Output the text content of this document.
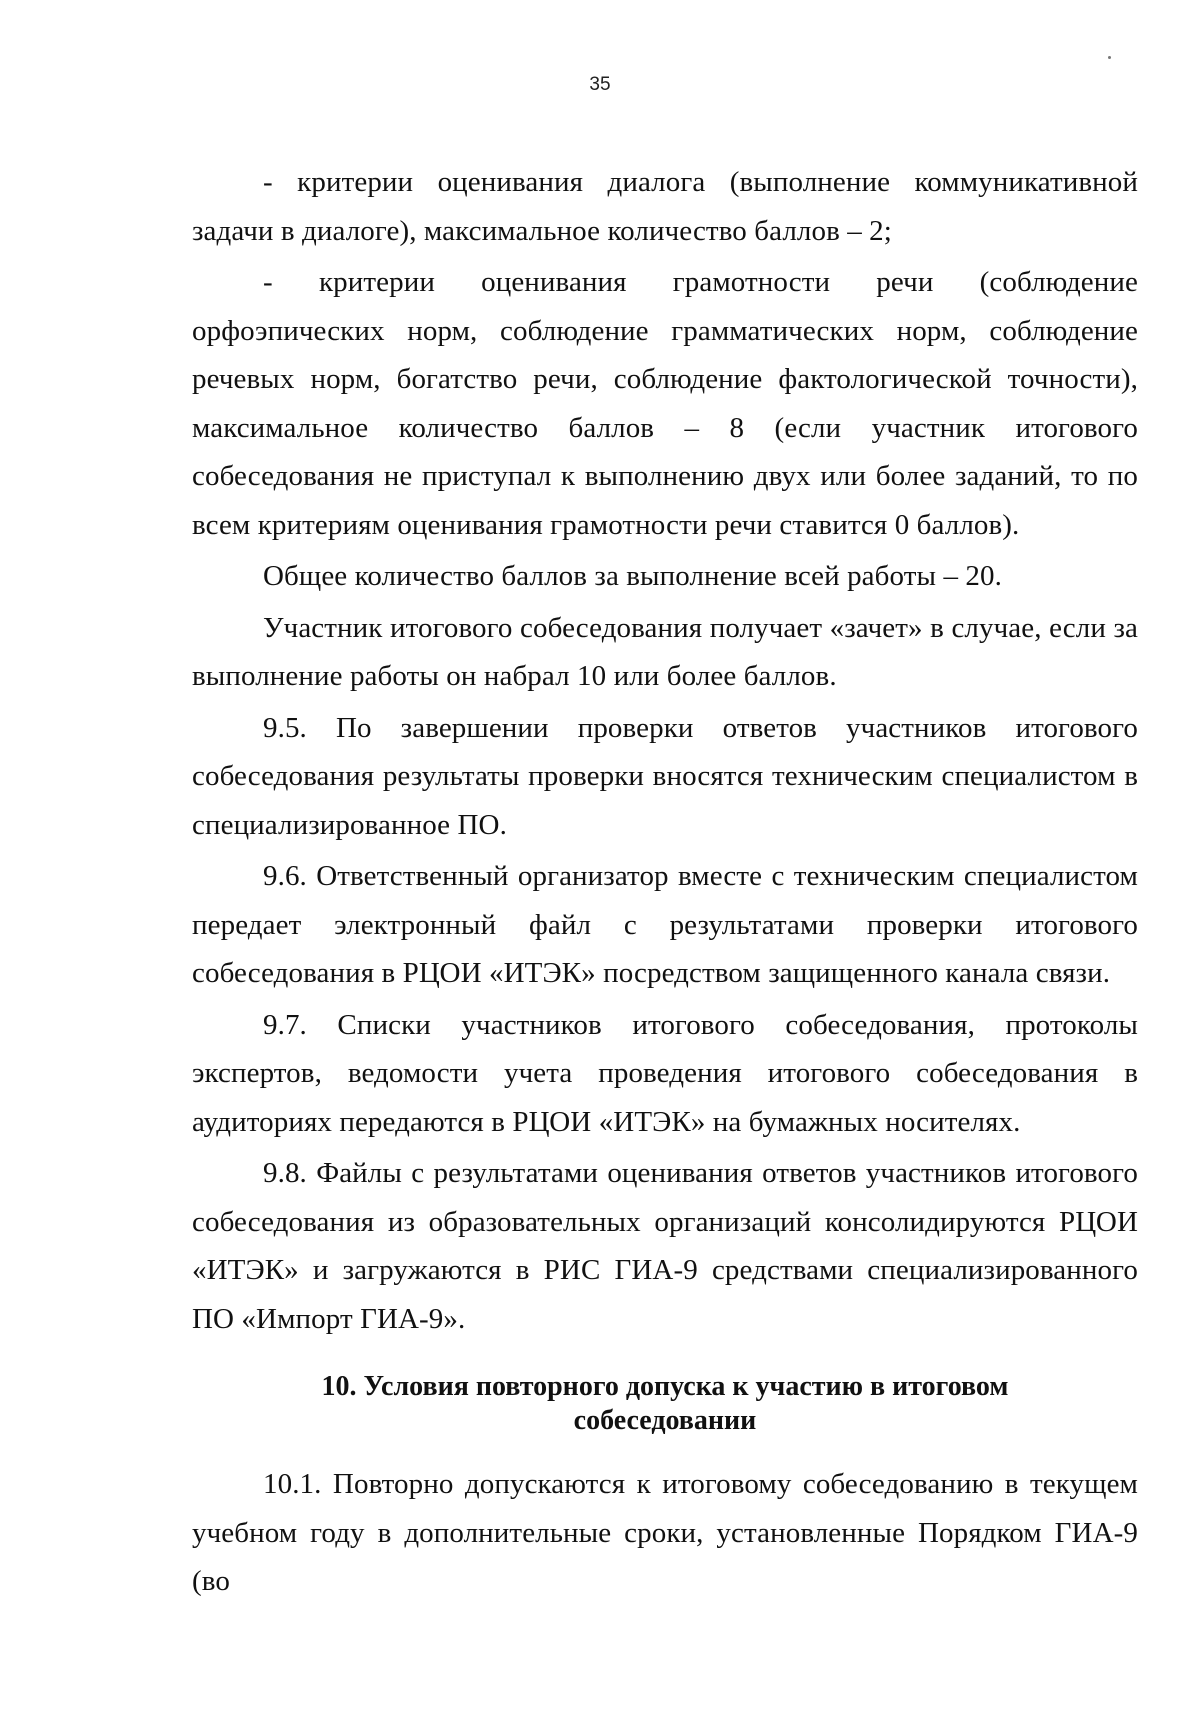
35

- критерии оценивания диалога (выполнение коммуникативной задачи в диалоге), максимальное количество баллов – 2;

- критерии оценивания грамотности речи (соблюдение орфоэпических норм, соблюдение грамматических норм, соблюдение речевых норм, богатство речи, соблюдение фактологической точности), максимальное количество баллов – 8 (если участник итогового собеседования не приступал к выполнению двух или более заданий, то по всем критериям оценивания грамотности речи ставится 0 баллов).

Общее количество баллов за выполнение всей работы – 20.

Участник итогового собеседования получает «зачет» в случае, если за выполнение работы он набрал 10 или более баллов.

9.5. По завершении проверки ответов участников итогового собеседования результаты проверки вносятся техническим специалистом в специализированное ПО.

9.6. Ответственный организатор вместе с техническим специалистом передает электронный файл с результатами проверки итогового собеседования в РЦОИ «ИТЭК» посредством защищенного канала связи.

9.7. Списки участников итогового собеседования, протоколы экспертов, ведомости учета проведения итогового собеседования в аудиториях передаются в РЦОИ «ИТЭК» на бумажных носителях.

9.8. Файлы с результатами оценивания ответов участников итогового собеседования из образовательных организаций консолидируются РЦОИ «ИТЭК» и загружаются в РИС ГИА-9 средствами специализированного ПО «Импорт ГИА-9».

10. Условия повторного допуска к участию в итоговом
собеседовании

10.1. Повторно допускаются к итоговому собеседованию в текущем учебном году в дополнительные сроки, установленные Порядком ГИА-9 (во
